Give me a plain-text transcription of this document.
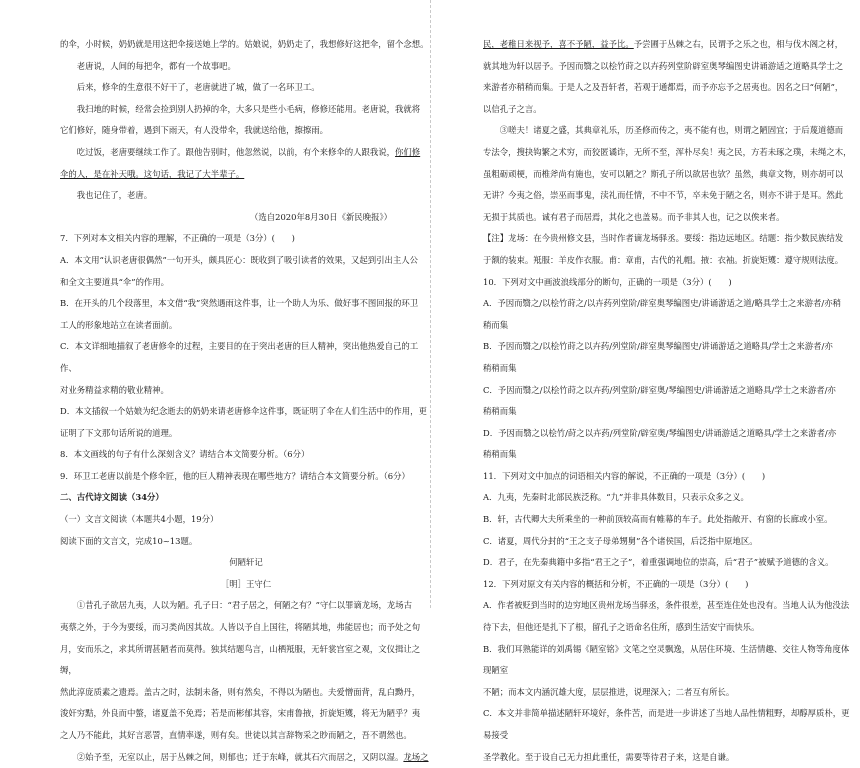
的伞，小时候，奶奶就是用这把伞接送她上学的。姑娘说，奶奶走了，我想修好这把伞，留个念想。

老唐说，人间的每把伞，都有一个故事吧。

后来，修伞的生意很不好干了，老唐就进了城，做了一名环卫工。

我扫地的时候，经常会捡到别人扔掉的伞，大多只是些小毛病，修修还能用。老唐说，我就将

它们修好，随身带着，遇到下雨天，有人没带伞，我就送给他，擦擦雨。

吃过饭，老唐要继续工作了。跟他告别时，他忽然说，以前，有个来修伞的人跟我说，你们修

伞的人，是在补天哦。这句话，我记了大半辈子。

我也记住了，老唐。

（选自2020年8月30日《新民晚报》）

7．下列对本文相关内容的理解，不正确的一项是（3分）(　　)

A．本文用“认识老唐很偶然”一句开头，颇具匠心：既收到了吸引读者的效果，又起到引出主人公

和全文主要道具“伞”的作用。

B．在开头的几个段落里，本文借“我”突然遇雨这件事，让一个助人为乐、做好事不图回报的环卫

工人的形象地站立在读者面前。

C．本文详细地描叙了老唐修伞的过程，主要目的在于突出老唐的巨人精神，突出他热爱自己的工作、

对业务精益求精的敬业精神。

D．本文插叙一个姑娘为纪念逝去的奶奶来请老唐修伞这件事，既证明了伞在人们生活中的作用，更

证明了下文那句话所说的道理。

8．本文画线的句子有什么深刻含义？请结合本文简要分析。（6分）

9．环卫工老唐以前是个修伞匠，他的巨人精神表现在哪些地方？请结合本文简要分析。（6分）

二、古代诗文阅读（34分）

（一）文言文阅读（本题共4小题，19分）

阅读下面的文言文，完成10~13题。

何陋轩记

［明］王守仁

①昔孔子欲居九夷，人以为陋。孔子曰：“君子居之，何陋之有？”守仁以罪谪龙场，龙场古

夷蔡之外，于今为要绥，而习类尚因其故。人皆以予自上国往，将陋其地，弗能居也；而予处之旬

月，安而乐之，求其所谓甚陋者而莫得。独其结题鸟言，山栖羝服，无轩裳宫室之观，文仪揖让之缛，

然此淳庞质素之遗焉。盖古之时，法制未备，则有然矣，不得以为陋也。夫爱憎面背，乱白黝丹，

浚奸穷黠，外良而中螫，诸夏盖不免焉；若是而彬郁其容，宋甫鲁掖，折旋矩矱，将无为陋乎？夷

之人乃不能此，其好言恶詈，直情率遂，则有矣。世徒以其言辞物采之眇而陋之，吾不谓然也。

②始予至，无室以止，居于丛棘之间，则郁也；迁于东峰，就其石穴而居之，又阴以湿。龙场之

民，老稚日来视予，喜不予陋，益予比。予尝圃于丛棘之右，民谓予之乐之也，相与伐木阁之材，

就其地为轩以居予。予因而翳之以桧竹莳之以卉药列堂阶辟室奥琴编图史讲诵游适之道略具学士之

来游者亦稍稍而集。于是人之及吾轩者，若观于通都焉，而予亦忘予之居夷也。因名之曰“何陋”，

以信孔子之言。

③嗟夫！诸夏之盛，其典章礼乐，历圣修而传之，夷不能有也，则谓之陋固宜；于后蔑道德而

专法令，搜抉钩繁之术穷，而狡匿谲诈，无所不至，浑朴尽矣！夷之民，方若未琢之璞，未绳之木，

虽粗砺顽梗，而椎斧尚有施也，安可以陋之？斯孔子所以欲居也欤？虽然，典章文物，则亦胡可以

无讲？今夷之俗，崇巫而事鬼，渎礼而任情，不中不节，卒未免于陋之名，则亦不讲于是耳。然此

无损于其质也。诚有君子而居焉，其化之也盖易。而予非其人也，记之以俟来者。

【注】龙场：在今贵州修文县，当时作者谪龙场驿丞。要绥：指边远地区。结题：指少数民族结发

于额的装束。羝服：羊皮作衣服。甫：章甫，古代的礼帽。掖：衣袖。折旋矩矱：遵守规则法度。

10．下列对文中画波浪线部分的断句，正确的一项是（3分）(　　)

A．予因而翳之/以桧竹莳之/以卉药列堂阶/辟室奥琴编图史/讲诵游适之道/略具学士之来游者/亦稍

稍而集

B．予因而翳之/以桧竹莳之以卉药/列堂阶/辟室奥琴编图史/讲诵游适之道略具/学士之来游者/亦

稍稍而集

C．予因而翳之/以桧竹莳之以卉药/列堂阶/辟室奥/琴编图史/讲诵游适之道略具/学士之来游者/亦

稍稍而集

D．予因而翳之以桧竹/莳之以卉药/列堂阶/辟室奥/琴编图史/讲诵游适之道略具/学士之来游者/亦

稍稍而集

11．下列对文中加点的词语相关内容的解说，不正确的一项是（3分）(　　)

A．九夷，先秦时北部民族泛称。“九”并非具体数目，只表示众多之义。

B．轩，古代卿大夫所乘坐的一种前顶较高而有帷幕的车子。此处指敞开、有窗的长廊或小室。

C．诸夏，周代分封的“王之支子母弟甥舅”各个诸侯国，后泛指中原地区。

D．君子，在先秦典籍中多指“君王之子”，着重强调地位的崇高，后“君子”被赋予道德的含义。

12．下列对原文有关内容的概括和分析，不正确的一项是（3分）(　　)

A．作者被贬到当时的边穷地区贵州龙场当驿丞，条件很差，甚至连住处也没有。当地人认为他没法

待下去，但他还是扎下了根，留孔子之语命名住所，感到生活安宁而快乐。

B．我们耳熟能详的刘禹锡《陋室铭》文笔之空灵飘逸，从居住环境、生活情趣、交往人物等角度体现陋室

不陋；而本文内涵沉雄大度，层层推进，说理深入；二者互有所长。

C．本文并非简单描述陋轩环境好，条件苦，而是进一步讲述了当地人品性情粗野，却醇厚质朴，更易接受

圣学教化。至于设自己无力担此重任，需要等待君子来，这是自谦。
